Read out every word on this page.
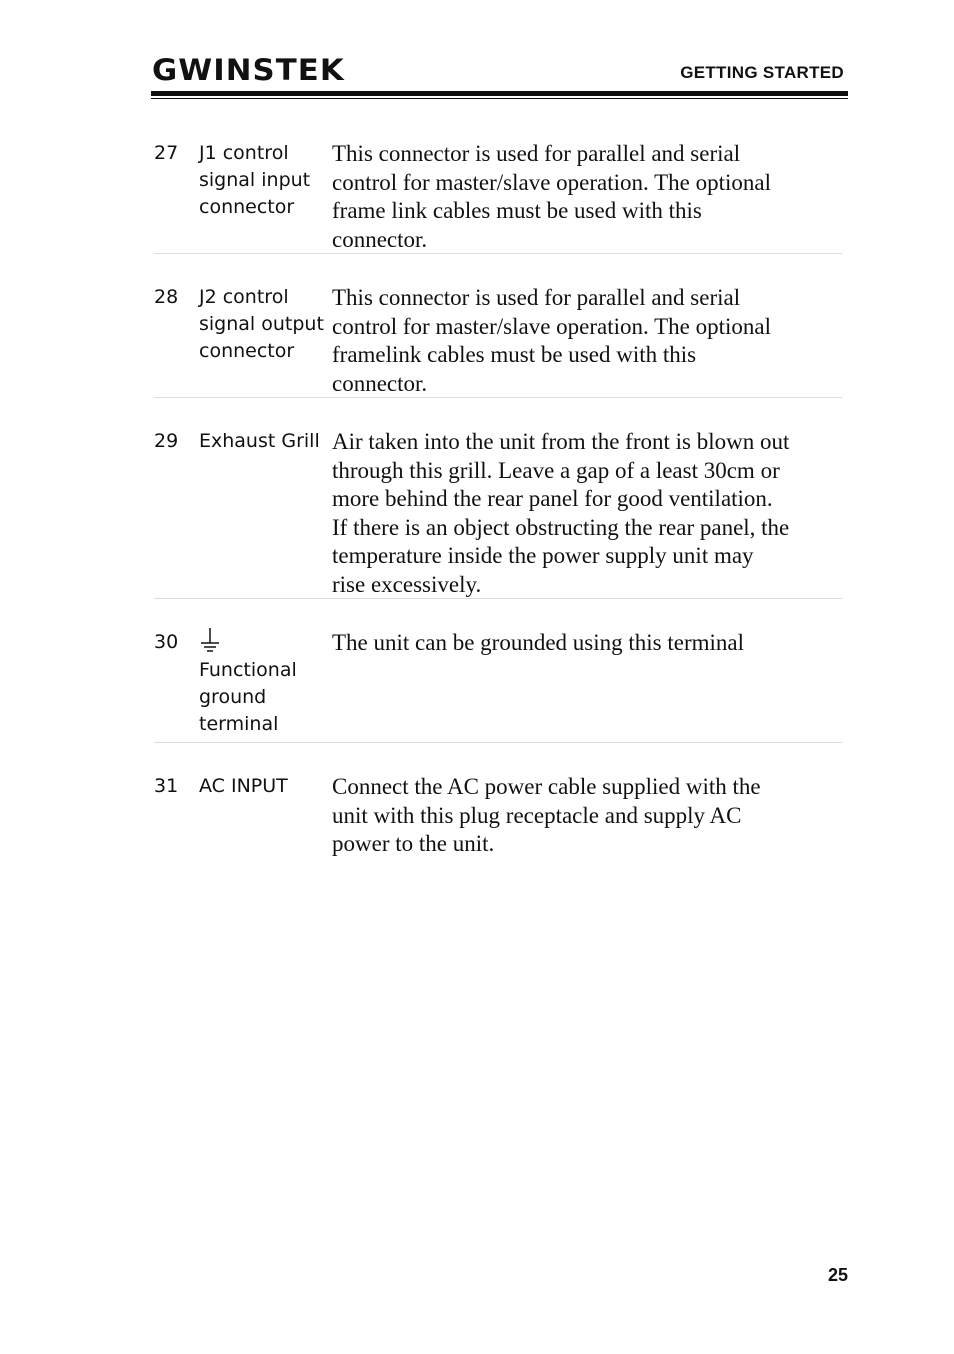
GWINSTEK	GETTING STARTED
27 J1 control signal input connector
This connector is used for parallel and serial
control for master/slave operation. The optional
frame link cables must be used with this
connector.
28 J2 control signal output connector
This connector is used for parallel and serial
control for master/slave operation. The optional
framelink cables must be used with this
connector.
29 Exhaust Grill Air taken into the unit from the front is blown out
through this grill. Leave a gap of a least 30cm or
more behind the rear panel for good ventilation.
If there is an object obstructing the rear panel, the
temperature inside the power supply unit may
rise excessively.
30
Functional ground terminal
The unit can be grounded using this terminal
31 AC INPUT	Connect the AC power cable supplied with the
unit with this plug receptacle and supply AC
power to the unit.
25
